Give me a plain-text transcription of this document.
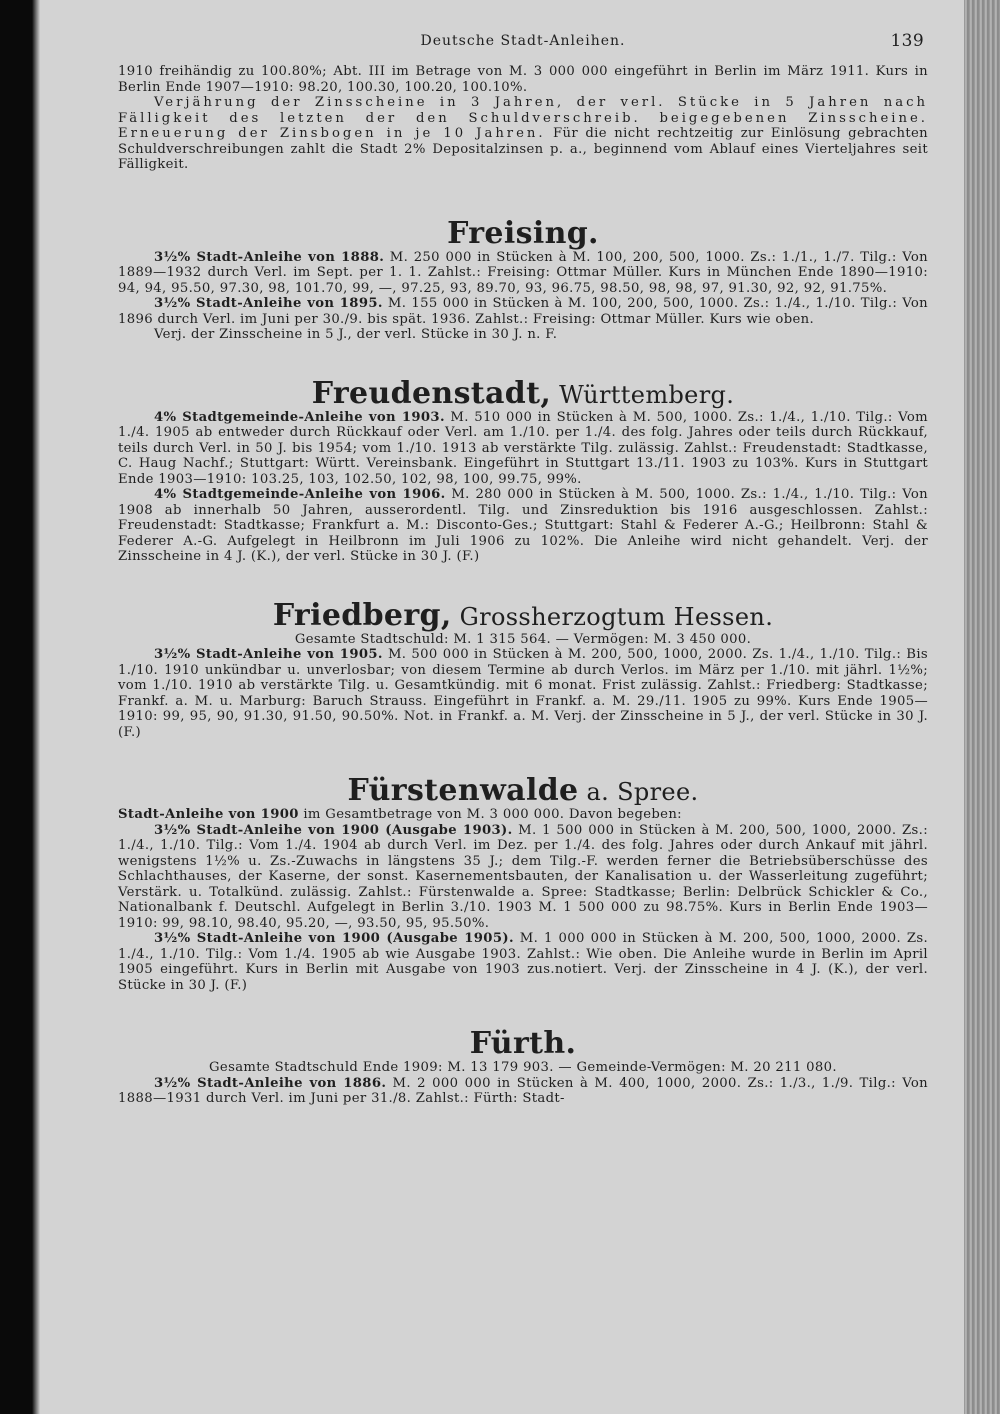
Deutsche Stadt-Anleihen.	139

1910 freihändig zu 100.80%; Abt. III im Betrage von M. 3 000 000 eingeführt in Berlin im März 1911. Kurs in Berlin Ende 1907—1910: 98.20, 100.30, 100.20, 100.10%.

Verjährung der Zinsscheine in 3 Jahren, der verl. Stücke in 5 Jahren nach Fälligkeit des letzten der den Schuldverschreib. beigegebenen Zinsscheine. Erneuerung der Zinsbogen in je 10 Jahren. Für die nicht rechtzeitig zur Einlösung gebrachten Schuldverschreibungen zahlt die Stadt 2% Depositalzinsen p. a., beginnend vom Ablauf eines Vierteljahres seit Fälligkeit.

Freising.

3½% Stadt-Anleihe von 1888. M. 250 000 in Stücken à M. 100, 200, 500, 1000. Zs.: 1./1., 1./7. Tilg.: Von 1889—1932 durch Verl. im Sept. per 1. 1. Zahlst.: Freising: Ottmar Müller. Kurs in München Ende 1890—1910: 94, 94, 95.50, 97.30, 98, 101.70, 99, —, 97.25, 93, 89.70, 93, 96.75, 98.50, 98, 98, 97, 91.30, 92, 92, 91.75%.

3½% Stadt-Anleihe von 1895. M. 155 000 in Stücken à M. 100, 200, 500, 1000. Zs.: 1./4., 1./10. Tilg.: Von 1896 durch Verl. im Juni per 30./9. bis spät. 1936. Zahlst.: Freising: Ottmar Müller. Kurs wie oben.

Verj. der Zinsscheine in 5 J., der verl. Stücke in 30 J. n. F.

Freudenstadt, Württemberg.

4% Stadtgemeinde-Anleihe von 1903. M. 510 000 in Stücken à M. 500, 1000. Zs.: 1./4., 1./10. Tilg.: Vom 1./4. 1905 ab entweder durch Rückkauf oder Verl. am 1./10. per 1./4. des folg. Jahres oder teils durch Rückkauf, teils durch Verl. in 50 J. bis 1954; vom 1./10. 1913 ab verstärkte Tilg. zulässig. Zahlst.: Freudenstadt: Stadtkasse, C. Haug Nachf.; Stuttgart: Württ. Vereinsbank. Eingeführt in Stuttgart 13./11. 1903 zu 103%. Kurs in Stuttgart Ende 1903—1910: 103.25, 103, 102.50, 102, 98, 100, 99.75, 99%.

4% Stadtgemeinde-Anleihe von 1906. M. 280 000 in Stücken à M. 500, 1000. Zs.: 1./4., 1./10. Tilg.: Von 1908 ab innerhalb 50 Jahren, ausserordentl. Tilg. und Zinsreduktion bis 1916 ausgeschlossen. Zahlst.: Freudenstadt: Stadtkasse; Frankfurt a. M.: Disconto-Ges.; Stuttgart: Stahl & Federer A.-G.; Heilbronn: Stahl & Federer A.-G. Aufgelegt in Heilbronn im Juli 1906 zu 102%. Die Anleihe wird nicht gehandelt. Verj. der Zinsscheine in 4 J. (K.), der verl. Stücke in 30 J. (F.)

Friedberg, Grossherzogtum Hessen.

Gesamte Stadtschuld: M. 1 315 564. — Vermögen: M. 3 450 000.

3½% Stadt-Anleihe von 1905. M. 500 000 in Stücken à M. 200, 500, 1000, 2000. Zs. 1./4., 1./10. Tilg.: Bis 1./10. 1910 unkündbar u. unverlosbar; von diesem Termine ab durch Verlos. im März per 1./10. mit jährl. 1½%; vom 1./10. 1910 ab verstärkte Tilg. u. Gesamtkündig. mit 6 monat. Frist zulässig. Zahlst.: Friedberg: Stadtkasse; Frankf. a. M. u. Marburg: Baruch Strauss. Eingeführt in Frankf. a. M. 29./11. 1905 zu 99%. Kurs Ende 1905—1910: 99, 95, 90, 91.30, 91.50, 90.50%. Not. in Frankf. a. M. Verj. der Zinsscheine in 5 J., der verl. Stücke in 30 J. (F.)

Fürstenwalde a. Spree.

Stadt-Anleihe von 1900 im Gesamtbetrage von M. 3 000 000. Davon begeben:

3½% Stadt-Anleihe von 1900 (Ausgabe 1903). M. 1 500 000 in Stücken à M. 200, 500, 1000, 2000. Zs.: 1./4., 1./10. Tilg.: Vom 1./4. 1904 ab durch Verl. im Dez. per 1./4. des folg. Jahres oder durch Ankauf mit jährl. wenigstens 1½% u. Zs.-Zuwachs in längstens 35 J.; dem Tilg.-F. werden ferner die Betriebsüberschüsse des Schlachthauses, der Kaserne, der sonst. Kasernementsbauten, der Kanalisation u. der Wasserleitung zugeführt; Verstärk. u. Totalkünd. zulässig. Zahlst.: Fürstenwalde a. Spree: Stadtkasse; Berlin: Delbrück Schickler & Co., Nationalbank f. Deutschl. Aufgelegt in Berlin 3./10. 1903 M. 1 500 000 zu 98.75%. Kurs in Berlin Ende 1903—1910: 99, 98.10, 98.40, 95.20, —, 93.50, 95, 95.50%.

3½% Stadt-Anleihe von 1900 (Ausgabe 1905). M. 1 000 000 in Stücken à M. 200, 500, 1000, 2000. Zs. 1./4., 1./10. Tilg.: Vom 1./4. 1905 ab wie Ausgabe 1903. Zahlst.: Wie oben. Die Anleihe wurde in Berlin im April 1905 eingeführt. Kurs in Berlin mit Ausgabe von 1903 zus.notiert. Verj. der Zinsscheine in 4 J. (K.), der verl. Stücke in 30 J. (F.)

Fürth.

Gesamte Stadtschuld Ende 1909: M. 13 179 903. — Gemeinde-Vermögen: M. 20 211 080.

3½% Stadt-Anleihe von 1886. M. 2 000 000 in Stücken à M. 400, 1000, 2000. Zs.: 1./3., 1./9. Tilg.: Von 1888—1931 durch Verl. im Juni per 31./8. Zahlst.: Fürth: Stadt-
